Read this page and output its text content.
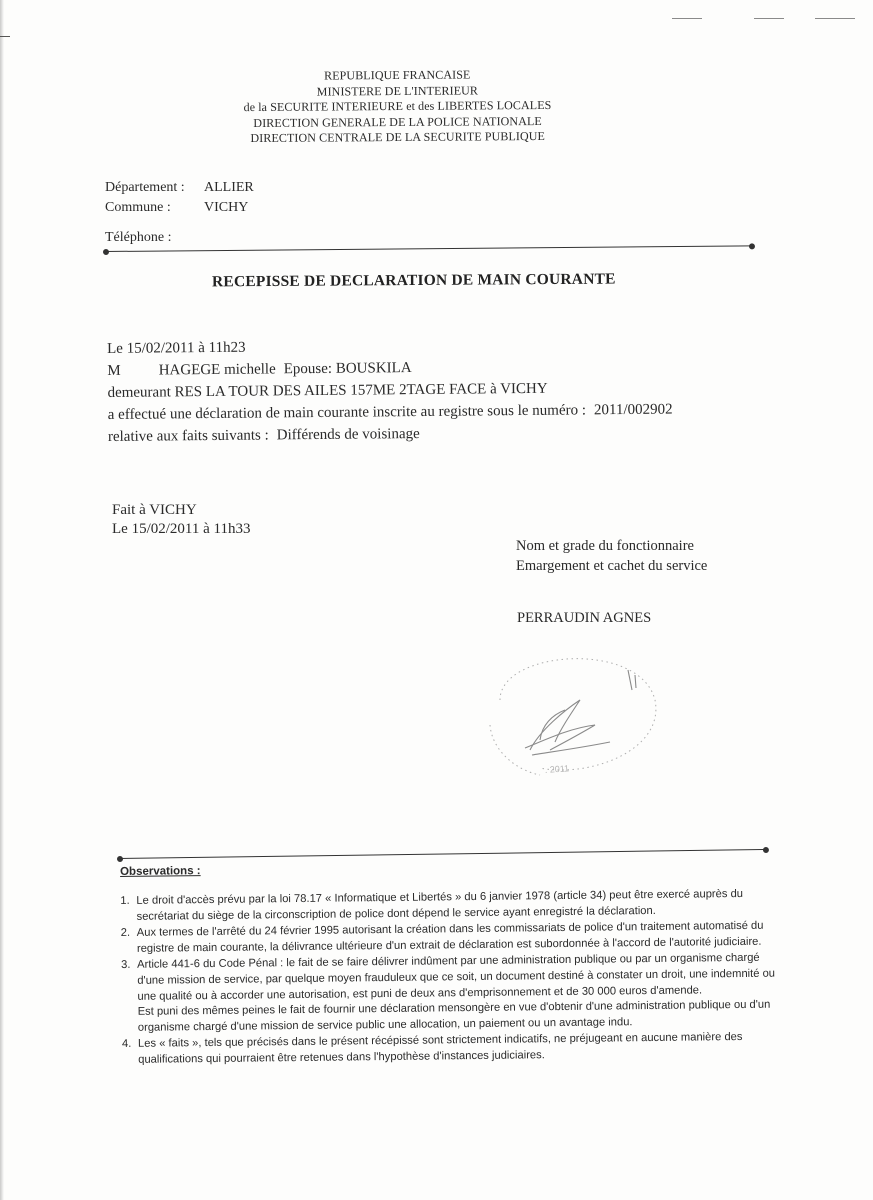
REPUBLIQUE FRANCAISE
MINISTERE DE L'INTERIEUR
de la SECURITE INTERIEURE et des LIBERTES LOCALES
DIRECTION GENERALE DE LA POLICE NATIONALE
DIRECTION CENTRALE DE LA SECURITE PUBLIQUE
Département :	ALLIER
Commune :	VICHY
Téléphone :
RECEPISSE DE DECLARATION DE MAIN COURANTE
Le 15/02/2011 à 11h23
M	HAGEGE michelle Epouse: BOUSKILA
demeurant RES LA TOUR DES AILES 157ME 2TAGE FACE à VICHY
a effectué une déclaration de main courante inscrite au registre sous le numéro : 2011/002902
relative aux faits suivants : Différends de voisinage
Fait à VICHY
Le 15/02/2011 à 11h33
Nom et grade du fonctionnaire
Emargement et cachet du service
PERRAUDIN AGNES
. 2011
Observations :
1. Le droit d'accès prévu par la loi 78.17 « Informatique et Libertés » du 6 janvier 1978 (article 34) peut être exercé auprès du secrétariat du siège de la circonscription de police dont dépend le service ayant enregistré la déclaration.
2. Aux termes de l'arrêté du 24 février 1995 autorisant la création dans les commissariats de police d'un traitement automatisé du registre de main courante, la délivrance ultérieure d'un extrait de déclaration est subordonnée à l'accord de l'autorité judiciaire.
3. Article 441-6 du Code Pénal : le fait de se faire délivrer indûment par une administration publique ou par un organisme chargé d'une mission de service, par quelque moyen frauduleux que ce soit, un document destiné à constater un droit, une indemnité ou une qualité ou à accorder une autorisation, est puni de deux ans d'emprisonnement et de 30 000 euros d'amende.
Est puni des mêmes peines le fait de fournir une déclaration mensongère en vue d'obtenir d'une administration publique ou d'un organisme chargé d'une mission de service public une allocation, un paiement ou un avantage indu.
4. Les « faits », tels que précisés dans le présent récépissé sont strictement indicatifs, ne préjugeant en aucune manière des qualifications qui pourraient être retenues dans l'hypothèse d'instances judiciaires.
